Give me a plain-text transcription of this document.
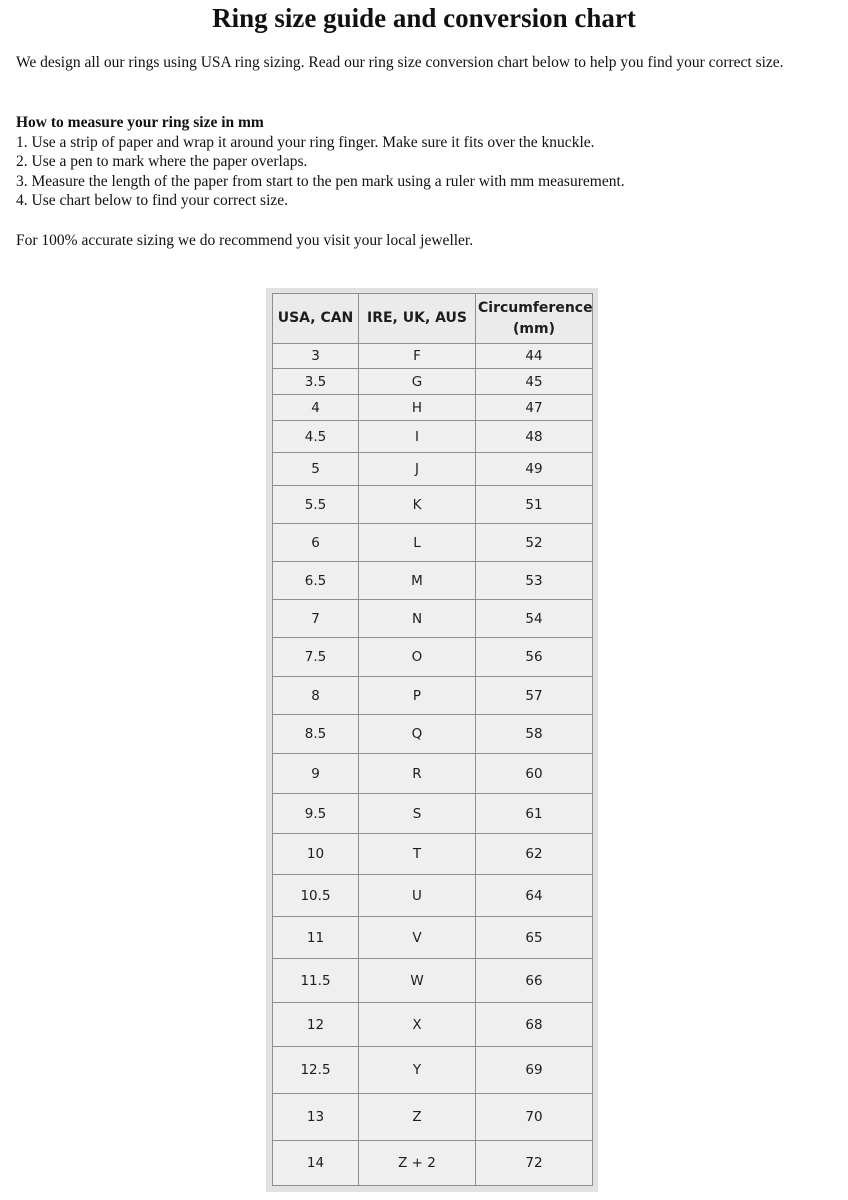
Ring size guide and conversion chart

We design all our rings using USA ring sizing. Read our ring size conversion chart below to help you find your correct size.

How to measure your ring size in mm
1. Use a strip of paper and wrap it around your ring finger. Make sure it fits over the knuckle.
2. Use a pen to mark where the paper overlaps.
3. Measure the length of the paper from start to the pen mark using a ruler with mm measurement.
4. Use chart below to find your correct size.

For 100% accurate sizing we do recommend you visit your local jeweller.

USA, CAN	IRE, UK, AUS	Circumference (mm)
3	F	44
3.5	G	45
4	H	47
4.5	I	48
5	J	49
5.5	K	51
6	L	52
6.5	M	53
7	N	54
7.5	O	56
8	P	57
8.5	Q	58
9	R	60
9.5	S	61
10	T	62
10.5	U	64
11	V	65
11.5	W	66
12	X	68
12.5	Y	69
13	Z	70
14	Z + 2	72
